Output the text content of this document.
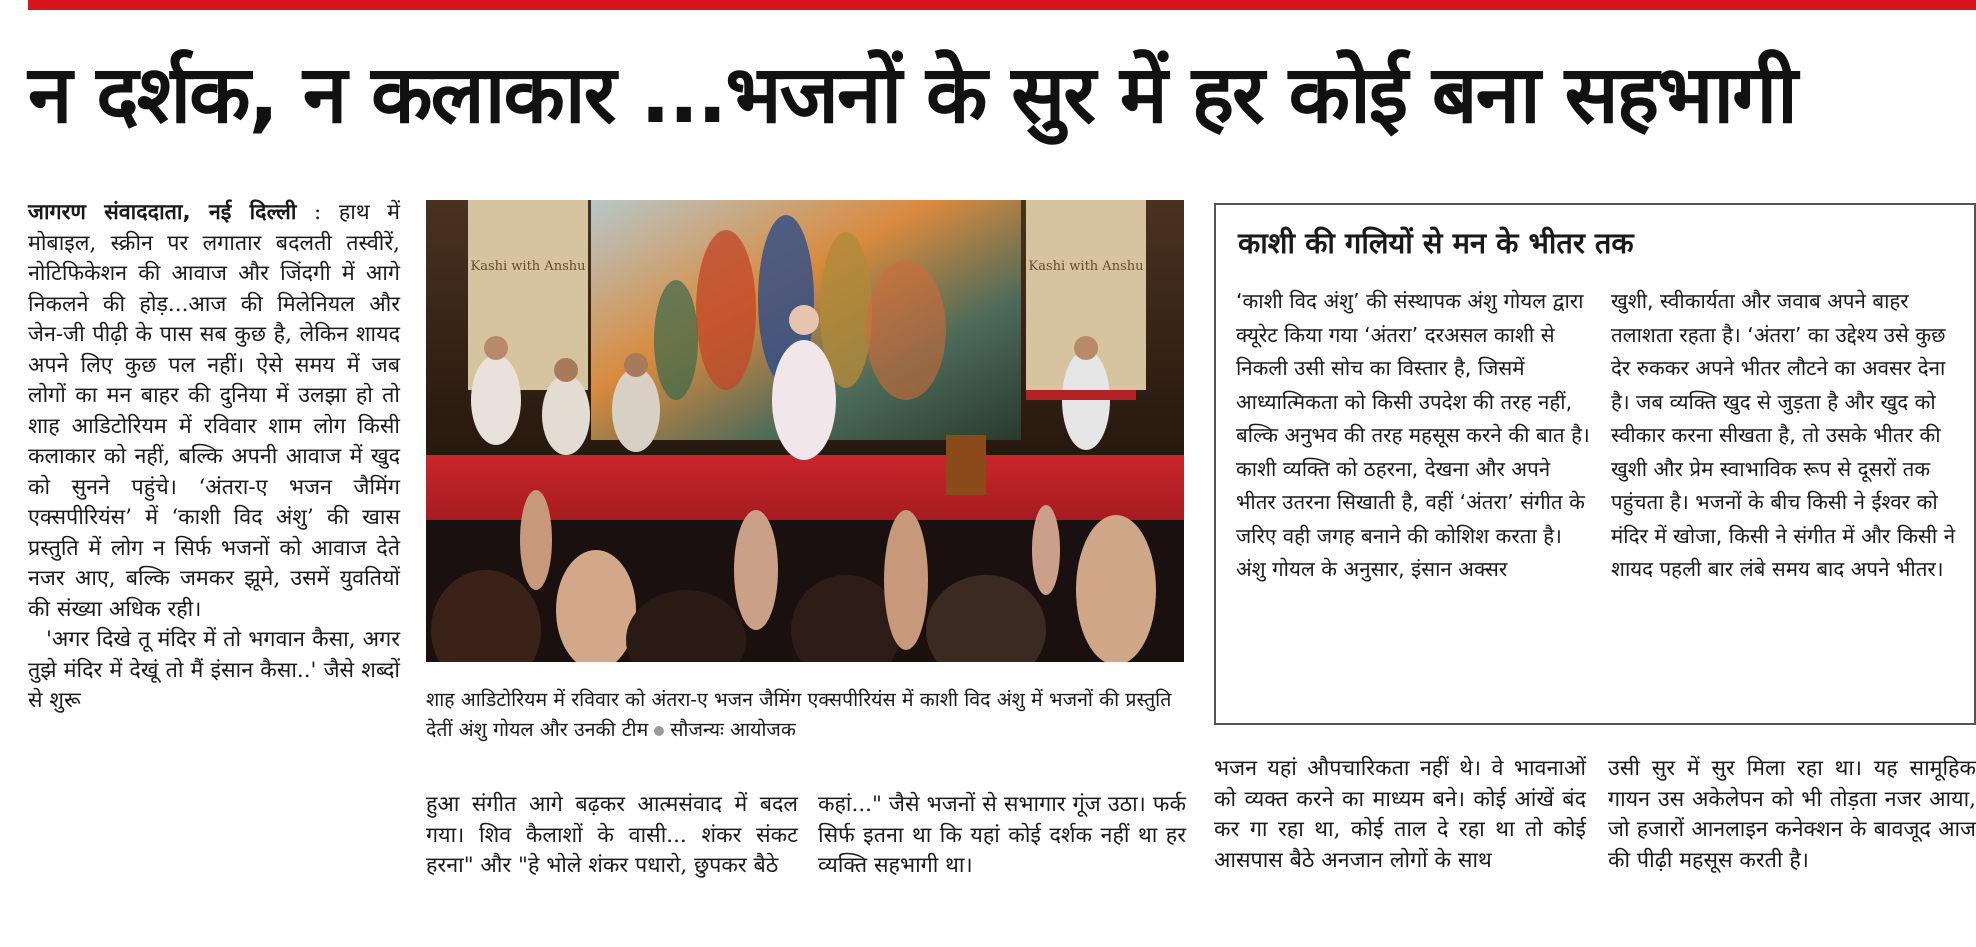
न दर्शक, न कलाकार ...भजनों के सुर में हर कोई बना सहभागी

जागरण संवाददाता, नई दिल्ली : हाथ में मोबाइल, स्क्रीन पर लगातार बदलती तस्वीरें, नोटिफिकेशन की आवाज और जिंदगी में आगे निकलने की होड़...आज की मिलेनियल और जेन-जी पीढ़ी के पास सब कुछ है, लेकिन शायद अपने लिए कुछ पल नहीं। ऐसे समय में जब लोगों का मन बाहर की दुनिया में उलझा हो तो शाह आडिटोरियम में रविवार शाम लोग किसी कलाकार को नहीं, बल्कि अपनी आवाज में खुद को सुनने पहुंचे। ‘अंतरा-ए भजन जैमिंग एक्सपीरियंस’ में ‘काशी विद अंशु’ की खास प्रस्तुति में लोग न सिर्फ भजनों को आवाज देते नजर आए, बल्कि जमकर झूमे, उसमें युवतियों की संख्या अधिक रही।

'अगर दिखे तू मंदिर में तो भगवान कैसा, अगर तुझे मंदिर में देखूं तो मैं इंसान कैसा..' जैसे शब्दों से शुरू

Kashi with Anshu	Kashi with Anshu
शाह आडिटोरियम में रविवार को अंतरा-ए भजन जैमिंग एक्सपीरियंस में काशी विद अंशु में भजनों की प्रस्तुति देतीं अंशु गोयल और उनकी टीम सौजन्यः आयोजक
हुआ संगीत आगे बढ़कर आत्मसंवाद में बदल गया। शिव कैलाशों के वासी... शंकर संकट हरना" और "हे भोले शंकर पधारो, छुपकर बैठे
कहां..." जैसे भजनों से सभागार गूंज उठा। फर्क सिर्फ इतना था कि यहां कोई दर्शक नहीं था हर व्यक्ति सहभागी था।
काशी की गलियों से मन के भीतर तक
‘काशी विद अंशु’ की संस्थापक अंशु गोयल द्वारा क्यूरेट किया गया ‘अंतरा’ दरअसल काशी से निकली उसी सोच का विस्तार है, जिसमें आध्यात्मिकता को किसी उपदेश की तरह नहीं, बल्कि अनुभव की तरह महसूस करने की बात है। काशी व्यक्ति को ठहरना, देखना और अपने भीतर उतरना सिखाती है, वहीं ‘अंतरा’ संगीत के जरिए वही जगह बनाने की कोशिश करता है। अंशु गोयल के अनुसार, इंसान अक्सर
खुशी, स्वीकार्यता और जवाब अपने बाहर तलाशता रहता है। ‘अंतरा’ का उद्देश्य उसे कुछ देर रुककर अपने भीतर लौटने का अवसर देना है। जब व्यक्ति खुद से जुड़ता है और खुद को स्वीकार करना सीखता है, तो उसके भीतर की खुशी और प्रेम स्वाभाविक रूप से दूसरों तक पहुंचता है। भजनों के बीच किसी ने ईश्वर को मंदिर में खोजा, किसी ने संगीत में और किसी ने शायद पहली बार लंबे समय बाद अपने भीतर।
भजन यहां औपचारिकता नहीं थे। वे भावनाओं को व्यक्त करने का माध्यम बने। कोई आंखें बंद कर गा रहा था, कोई ताल दे रहा था तो कोई आसपास बैठे अनजान लोगों के साथ
उसी सुर में सुर मिला रहा था। यह सामूहिक गायन उस अकेलेपन को भी तोड़ता नजर आया, जो हजारों आनलाइन कनेक्शन के बावजूद आज की पीढ़ी महसूस करती है।
